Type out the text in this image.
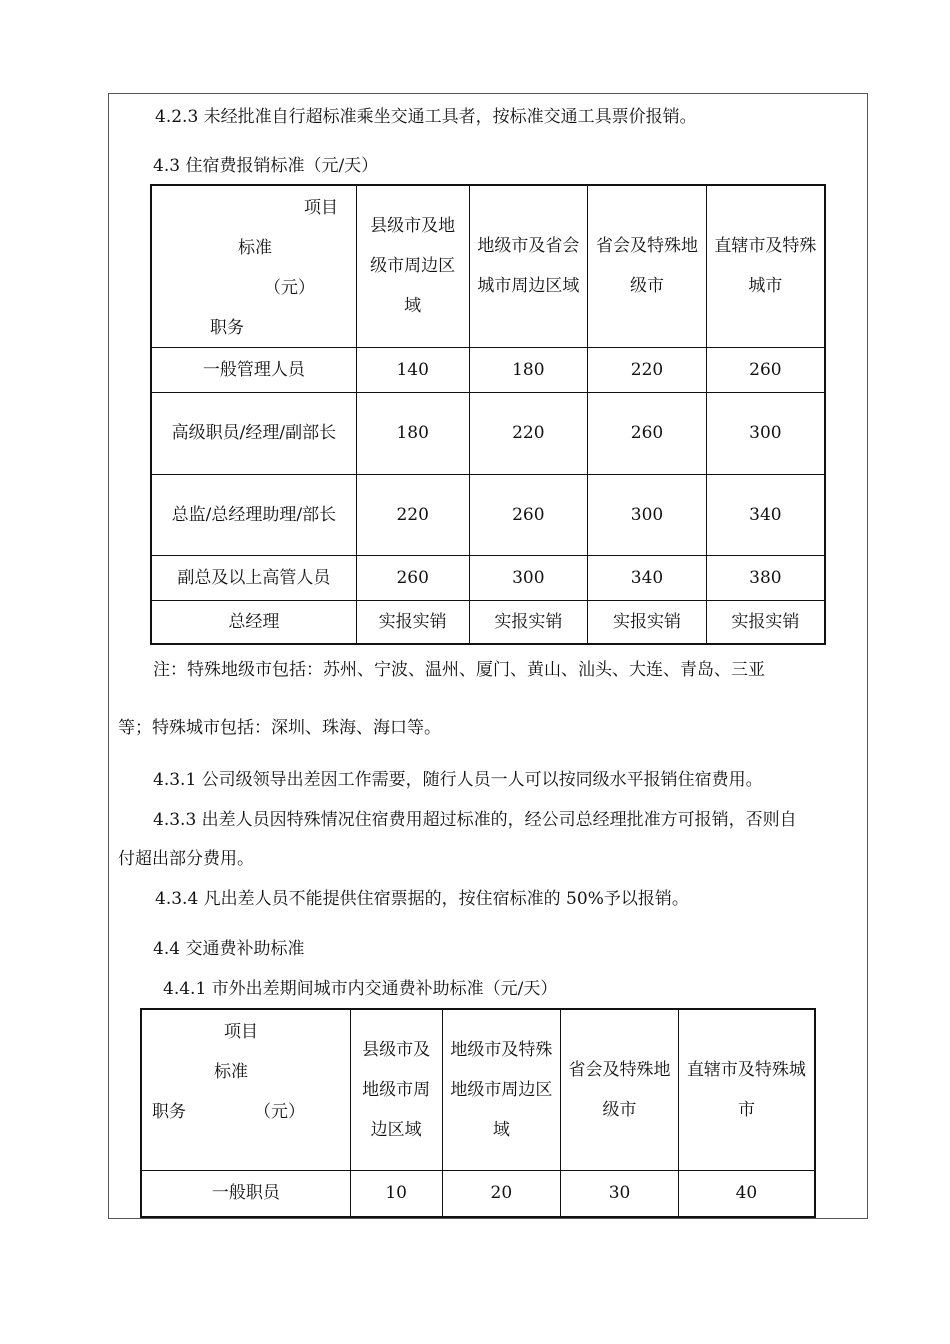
4.2.3 未经批准自行超标准乘坐交通工具者，按标准交通工具票价报销。
4.3 住宿费报销标准（元/天）
项目
标准
（元）
职务	县级市及地级市周边区域	地级市及省会城市周边区域	省会及特殊地级市	直辖市及特殊城市
一般管理人员	140	180	220	260
高级职员/经理/副部长	180	220	260	300
总监/总经理助理/部长	220	260	300	340
副总及以上高管人员	260	300	340	380
总经理	实报实销	实报实销	实报实销	实报实销
注：特殊地级市包括：苏州、宁波、温州、厦门、黄山、汕头、大连、青岛、三亚
等；特殊城市包括：深圳、珠海、海口等。
4.3.1 公司级领导出差因工作需要，随行人员一人可以按同级水平报销住宿费用。
4.3.3 出差人员因特殊情况住宿费用超过标准的，经公司总经理批准方可报销，否则自
付超出部分费用。
4.3.4 凡出差人员不能提供住宿票据的，按住宿标准的 50%予以报销。
4.4 交通费补助标准
4.4.1 市外出差期间城市内交通费补助标准（元/天）
项目
标准
职务 （元）	县级市及地级市周边区域	地级市及特殊地级市周边区域	省会及特殊地级市	直辖市及特殊城市
一般职员	10	20	30	40
